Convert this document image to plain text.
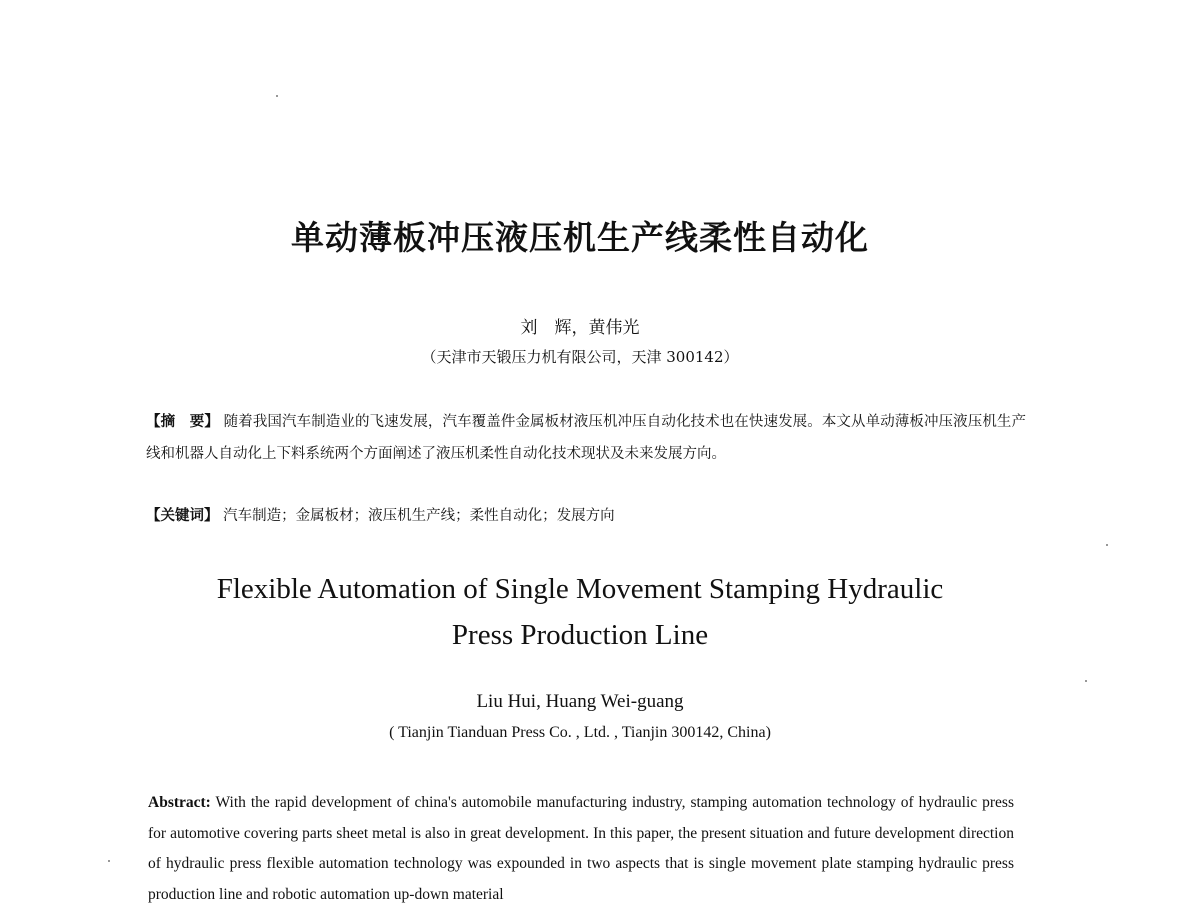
单动薄板冲压液压机生产线柔性自动化
刘　辉，黄伟光
（天津市天锻压力机有限公司，天津 300142）
【摘　要】 随着我国汽车制造业的飞速发展，汽车覆盖件金属板材液压机冲压自动化技术也在快速发展。本文从单动薄板冲压液压机生产线和机器人自动化上下料系统两个方面阐述了液压机柔性自动化技术现状及未来发展方向。
【关键词】 汽车制造；金属板材；液压机生产线；柔性自动化；发展方向
Flexible Automation of Single Movement Stamping Hydraulic
Press Production Line
Liu Hui, Huang Wei-guang
( Tianjin Tianduan Press Co. , Ltd. , Tianjin 300142, China)
Abstract: With the rapid development of china's automobile manufacturing industry, stamping automation technology of hydraulic press for automotive covering parts sheet metal is also in great development. In this paper, the present situation and future development direction of hydraulic press flexible automation technology was expounded in two aspects that is single movement plate stamping hydraulic press production line and robotic automation up-down material
